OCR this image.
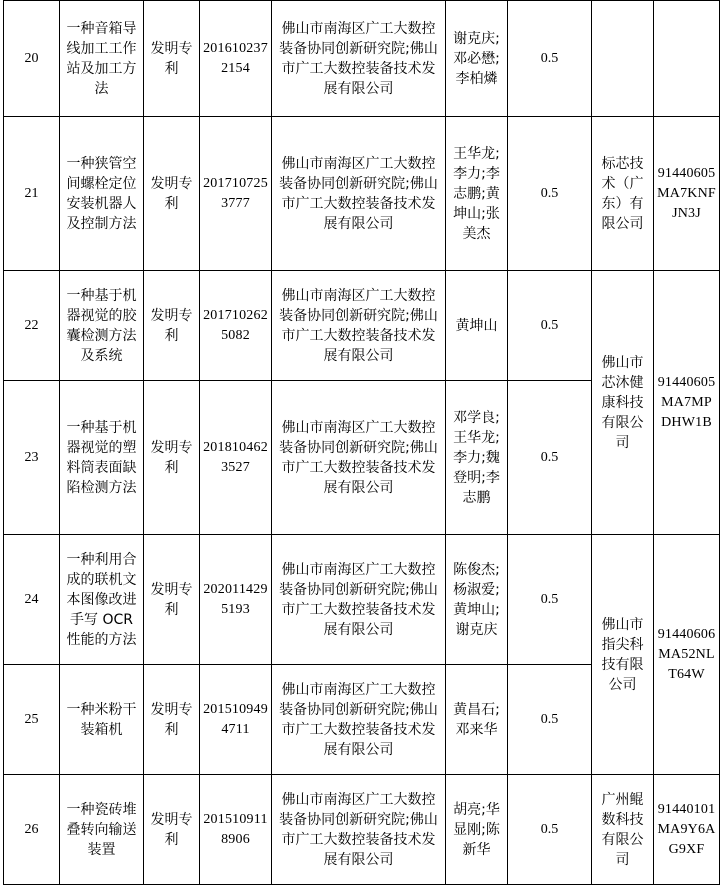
20	一种音箱导线加工工作站及加工方法	发明专利	2016102372154	佛山市南海区广工大数控装备协同创新研究院;佛山市广工大数控装备技术发展有限公司	谢克庆;邓必懋;李柏燐	0.5		
21	一种狭管空间螺栓定位安装机器人及控制方法	发明专利	2017107253777	佛山市南海区广工大数控装备协同创新研究院;佛山市广工大数控装备技术发展有限公司	王华龙;李力;李志鹏;黄坤山;张美杰	0.5	标芯技术（广东）有限公司	91440605MA7KNFJN3J
22	一种基于机器视觉的胶囊检测方法及系统	发明专利	2017102625082	佛山市南海区广工大数控装备协同创新研究院;佛山市广工大数控装备技术发展有限公司	黄坤山	0.5	佛山市芯沐健康科技有限公司	91440605MA7MPDHW1B
23	一种基于机器视觉的塑料筒表面缺陷检测方法	发明专利	2018104623527	佛山市南海区广工大数控装备协同创新研究院;佛山市广工大数控装备技术发展有限公司	邓学良;王华龙;李力;魏登明;李志鹏	0.5		
24	一种利用合成的联机文本图像改进手写 OCR 性能的方法	发明专利	2020114295193	佛山市南海区广工大数控装备协同创新研究院;佛山市广工大数控装备技术发展有限公司	陈俊杰;杨淑爱;黄坤山;谢克庆	0.5	佛山市指尖科技有限公司	91440606MA52NLT64W
25	一种米粉干装箱机	发明专利	2015109494711	佛山市南海区广工大数控装备协同创新研究院;佛山市广工大数控装备技术发展有限公司	黄昌石;邓来华	0.5		
26	一种瓷砖堆叠转向输送装置	发明专利	2015109118906	佛山市南海区广工大数控装备协同创新研究院;佛山市广工大数控装备技术发展有限公司	胡亮;华显刚;陈新华	0.5	广州鲲数科技有限公司	91440101MA9Y6AG9XF
